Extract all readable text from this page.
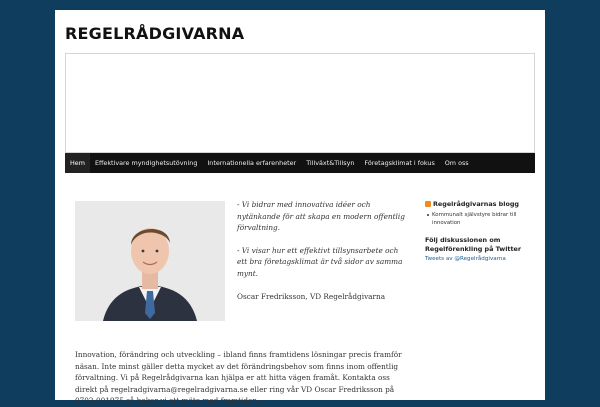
REGELRÅDGIVARNA
Hem	Effektivare myndighetsutövning	Internationella erfarenheter	Tillväxt&Tillsyn	Företagsklimat i fokus	Om oss

- Vi bidrar med innovativa idéer och nytänkande för att skapa en modern offentlig förvaltning.

- Vi visar hur ett effektivt tillsynsarbete och ett bra företagsklimat är två sidor av samma mynt.

Oscar Fredriksson, VD Regelrådgivarna

Innovation, förändring och utveckling – ibland finns framtidens lösningar precis framför näsan. Inte minst gäller detta mycket av det förändringsbehov som finns inom offentlig förvaltning. Vi på Regelrådgivarna kan hjälpa er att hitta vägen framåt. Kontakta oss direkt på regelradgivarna@regelradgivarna.se eller ring vår VD Oscar Fredriksson på 0702-001975 så bokar vi ett möte med framtiden...

Regelrådgivarnas blogg
Kommunalt självstyre bidrar till innovation
Följ diskussionen om Regelförenkling på Twitter
Tweets av @Regelrådgivarna
